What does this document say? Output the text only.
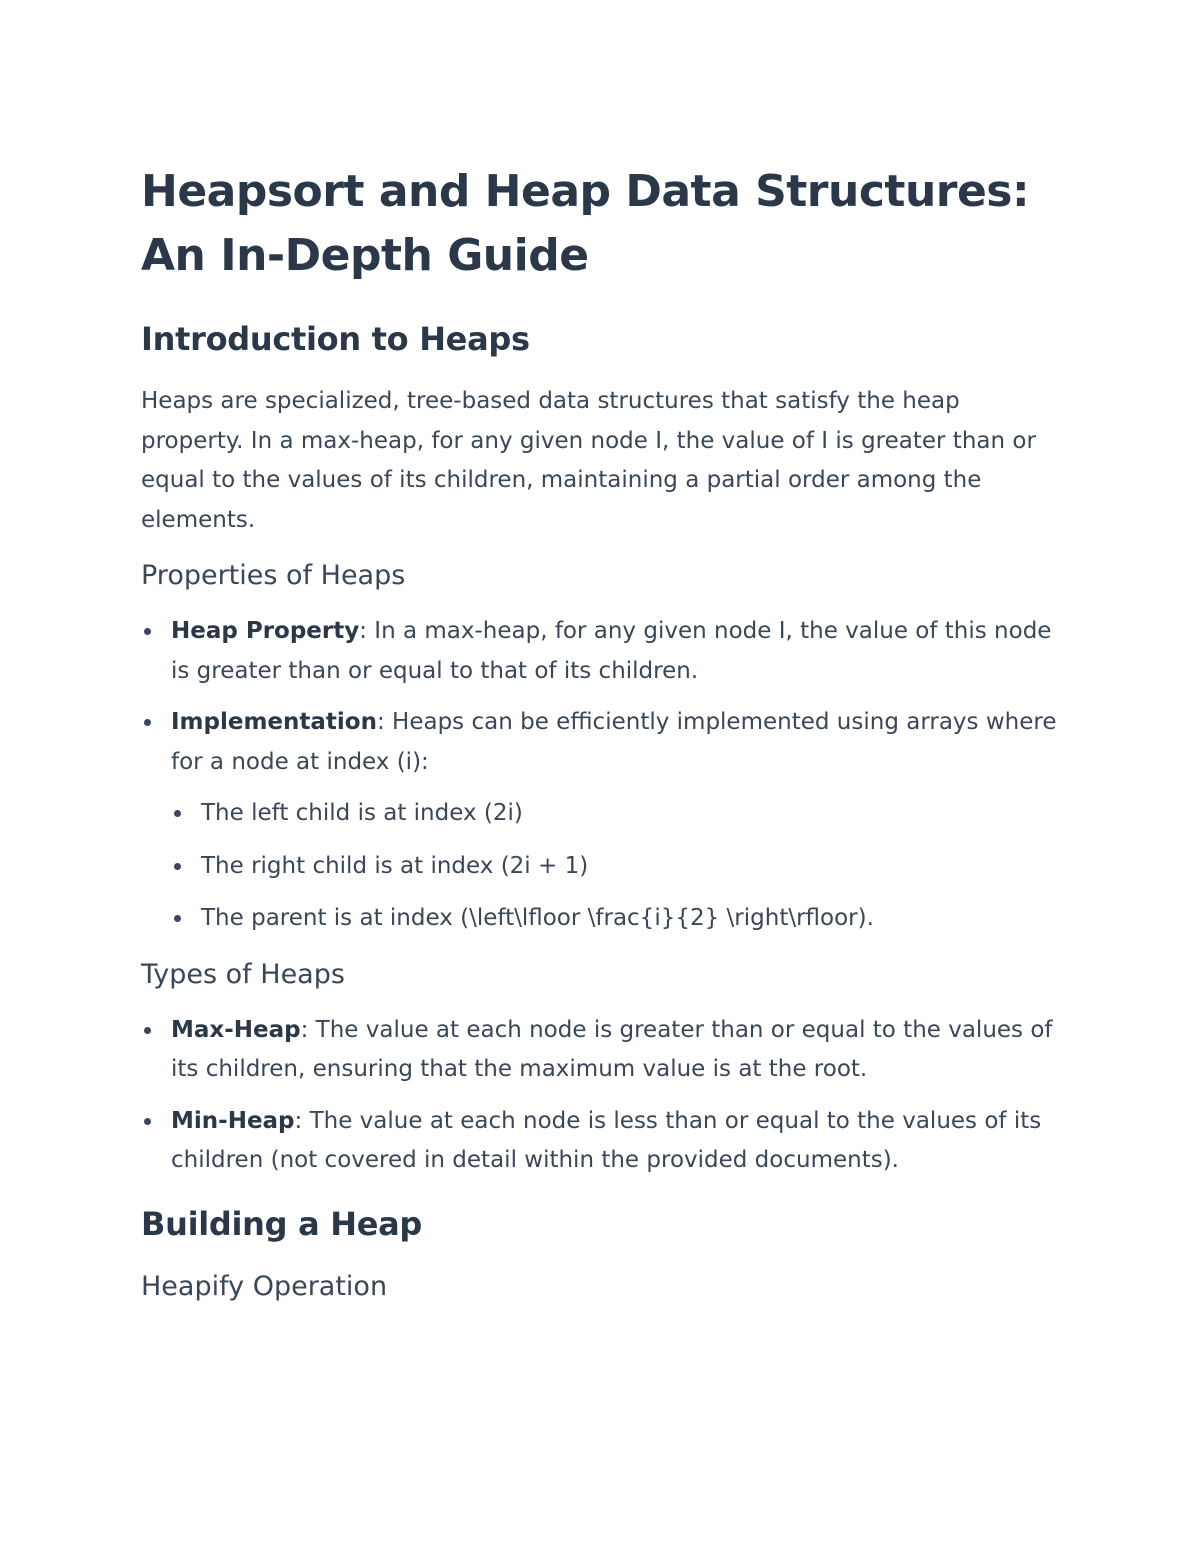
Heapsort and Heap Data Structures: An In-Depth Guide
Introduction to Heaps

Heaps are specialized, tree-based data structures that satisfy the heap property. In a max-heap, for any given node I, the value of I is greater than or equal to the values of its children, maintaining a partial order among the elements.

Properties of Heaps
Heap Property: In a max-heap, for any given node I, the value of this node is greater than or equal to that of its children.
Implementation: Heaps can be efficiently implemented using arrays where for a node at index (i):
The left child is at index (2i)
The right child is at index (2i + 1)
The parent is at index (\left\lfloor \frac{i}{2} \right\rfloor).
Types of Heaps
Max-Heap: The value at each node is greater than or equal to the values of its children, ensuring that the maximum value is at the root.
Min-Heap: The value at each node is less than or equal to the values of its children (not covered in detail within the provided documents).
Building a Heap
Heapify Operation
